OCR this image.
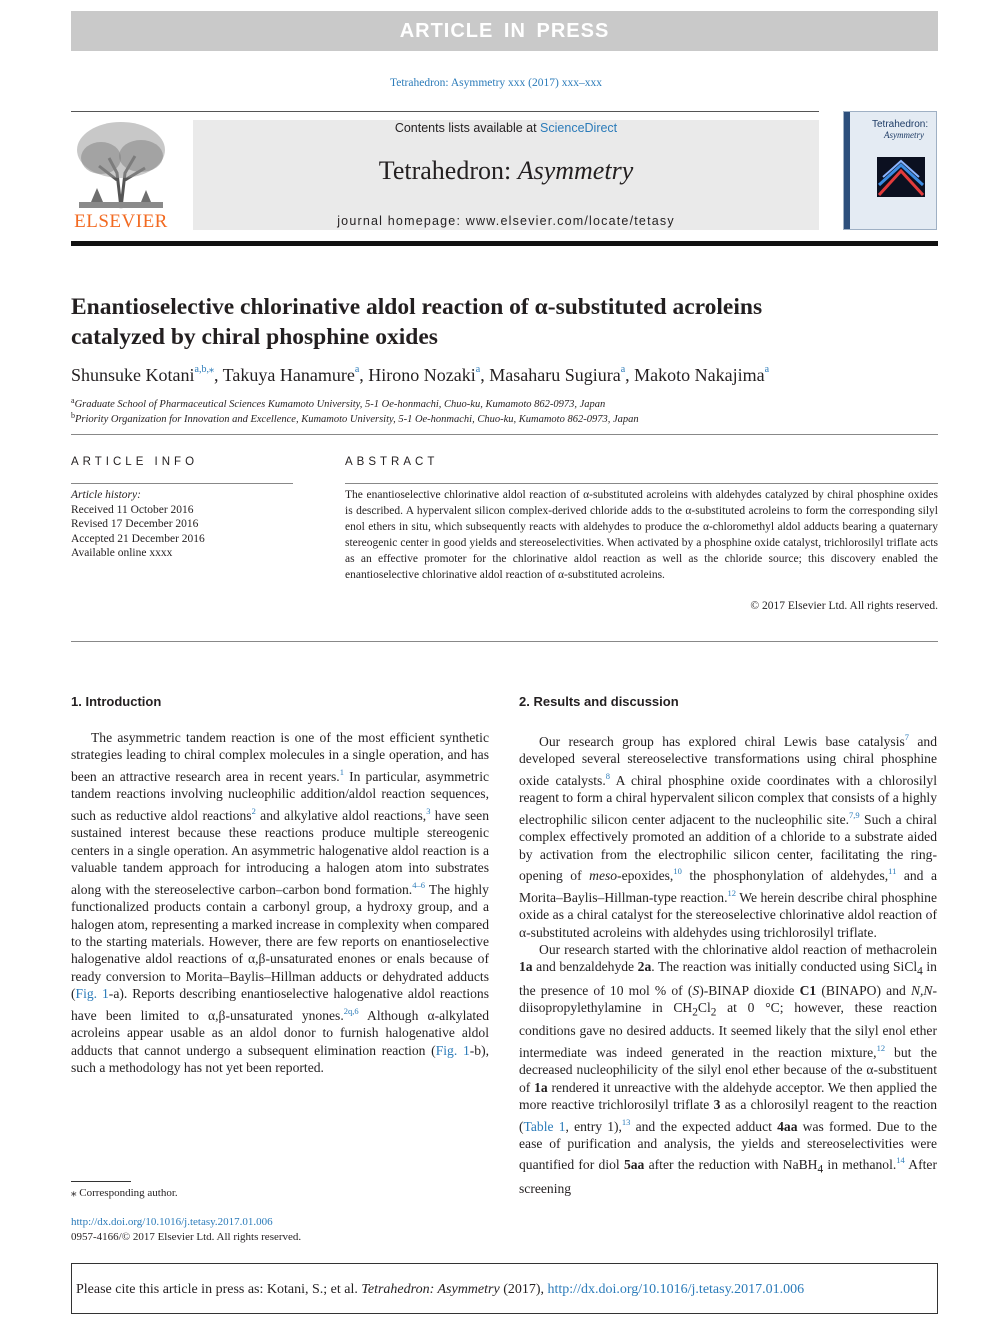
ARTICLE IN PRESS
Tetrahedron: Asymmetry xxx (2017) xxx–xxx
ELSEVIER
Contents lists available at ScienceDirect
Tetrahedron: Asymmetry
journal homepage: www.elsevier.com/locate/tetasy
Tetrahedron:
Asymmetry
Enantioselective chlorinative aldol reaction of α-substituted acroleins catalyzed by chiral phosphine oxides
Shunsuke Kotani$^{a,b,⁎}$, Takuya Hanamure$^a$, Hirono Nozaki$^a$, Masaharu Sugiura$^a$, Makoto Nakajima$^a$
$^a$Graduate School of Pharmaceutical Sciences Kumamoto University, 5-1 Oe-honmachi, Chuo-ku, Kumamoto 862-0973, Japan
$^b$Priority Organization for Innovation and Excellence, Kumamoto University, 5-1 Oe-honmachi, Chuo-ku, Kumamoto 862-0973, Japan
ARTICLE INFO
Article history:
Received 11 October 2016
Revised 17 December 2016
Accepted 21 December 2016
Available online xxxx
ABSTRACT
The enantioselective chlorinative aldol reaction of α-substituted acroleins with aldehydes catalyzed by chiral phosphine oxides is described. A hypervalent silicon complex-derived chloride adds to the α-substituted acroleins to form the corresponding silyl enol ethers in situ, which subsequently reacts with aldehydes to produce the α-chloromethyl aldol adducts bearing a quaternary stereogenic center in good yields and stereoselectivities. When activated by a phosphine oxide catalyst, trichlorosilyl triflate acts as an effective promoter for the chlorinative aldol reaction as well as the chloride source; this discovery enabled the enantioselective chlorinative aldol reaction of α-substituted acroleins.
© 2017 Elsevier Ltd. All rights reserved.
1. Introduction

The asymmetric tandem reaction is one of the most efficient synthetic strategies leading to chiral complex molecules in a single operation, and has been an attractive research area in recent years.$^1$ In particular, asymmetric tandem reactions involving nucleophilic addition/aldol reaction sequences, such as reductive aldol reactions$^2$ and alkylative aldol reactions,$^3$ have seen sustained interest because these reactions produce multiple stereogenic centers in a single operation. An asymmetric halogenative aldol reaction is a valuable tandem approach for introducing a halogen atom into substrates along with the stereoselective carbon–carbon bond formation.$^{4-6}$ The highly functionalized products contain a carbonyl group, a hydroxy group, and a halogen atom, representing a marked increase in complexity when compared to the starting materials. However, there are few reports on enantioselective halogenative aldol reactions of α,β-unsaturated enones or enals because of ready conversion to Morita–Baylis–Hillman adducts or dehydrated adducts (Fig. 1-a). Reports describing enantioselective halogenative aldol reactions have been limited to α,β-unsaturated ynones.$^{2q,6}$ Although α-alkylated acroleins appear usable as an aldol donor to furnish halogenative aldol adducts that cannot undergo a subsequent elimination reaction (Fig. 1-b), such a methodology has not yet been reported.

2. Results and discussion

Our research group has explored chiral Lewis base catalysis$^7$ and developed several stereoselective transformations using chiral phosphine oxide catalysts.$^8$ A chiral phosphine oxide coordinates with a chlorosilyl reagent to form a chiral hypervalent silicon complex that consists of a highly electrophilic silicon center adjacent to the nucleophilic site.$^{7,9}$ Such a chiral complex effectively promoted an addition of a chloride to a substrate aided by activation from the electrophilic silicon center, facilitating the ring-opening of meso-epoxides,$^{10}$ the phosphonylation of aldehydes,$^{11}$ and a Morita–Baylis–Hillman-type reaction.$^{12}$ We herein describe chiral phosphine oxide as a chiral catalyst for the stereoselective chlorinative aldol reaction of α-substituted acroleins with aldehydes using trichlorosilyl triflate.

Our research started with the chlorinative aldol reaction of methacrolein 1a and benzaldehyde 2a. The reaction was initially conducted using SiCl$_4$ in the presence of 10 mol % of (S)-BINAP dioxide C1 (BINAPO) and N,N-diisopropylethylamine in $CH_2Cl_2$ at 0 °C; however, these reaction conditions gave no desired adducts. It seemed likely that the silyl enol ether intermediate was indeed generated in the reaction mixture,$^{12}$ but the decreased nucleophilicity of the silyl enol ether because of the α-substituent of 1a rendered it unreactive with the aldehyde acceptor. We then applied the more reactive trichlorosilyl triflate 3 as a chlorosilyl reagent to the reaction (Table 1, entry 1),$^{13}$ and the expected adduct 4aa was formed. Due to the ease of purification and analysis, the yields and stereoselectivities were quantified for diol 5aa after the reduction with NaBH$_4$ in methanol.$^{14}$ After screening

⁎ Corresponding author.
http://dx.doi.org/10.1016/j.tetasy.2017.01.006
0957-4166/© 2017 Elsevier Ltd. All rights reserved.
Please cite this article in press as: Kotani, S.; et al. Tetrahedron: Asymmetry (2017), http://dx.doi.org/10.1016/j.tetasy.2017.01.006
